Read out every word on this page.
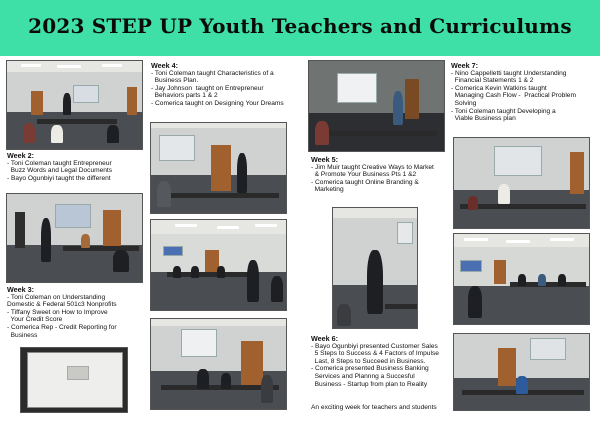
2023 STEP UP Youth Teachers and Curriculums
Week 2:
- Toni Coleman taught Entrepreneur
Buzz Words and Legal Documents
- Bayo Ogunbiyi taught the different
Week 3:
- Toni Coleman on Understanding
Domestic & Federal 501c3 Nonprofits
- Tiffany Sweet on How to Improve
Your Credit Score
- Comerica Rep - Credit Reporting for
Business
Week 4:
- Toni Coleman taught Characteristics of a
Business Plan.
- Jay Johnson  taught on Entrepreneur
Behaviors parts 1 & 2
- Comerica taught on Designing Your Dreams
Week 5:
- Jim Muir taught Creative Ways to Market
& Promote Your Business Pts 1 &2
- Comerica taught Online Branding &
Marketing
Week 6:
- Bayo Ogunbiyi presented Customer Sales
5 Steps to Success & 4 Factors of Impulse
Last, 8 Steps to Succeed in Business.
- Comerica presented Business Banking
Services and Plannng a Succesful
Business - Startup from plan to Reality
An exciting week for teachers and students
Week 7:
- Nino Cappelletti taught Understanding
Financial Statements 1 & 2
- Comerica Kevin Watkins taught
Managing Cash Flow -  Practical Problem
Solving
- Toni Coleman taught Developing a
Viable Business plan
